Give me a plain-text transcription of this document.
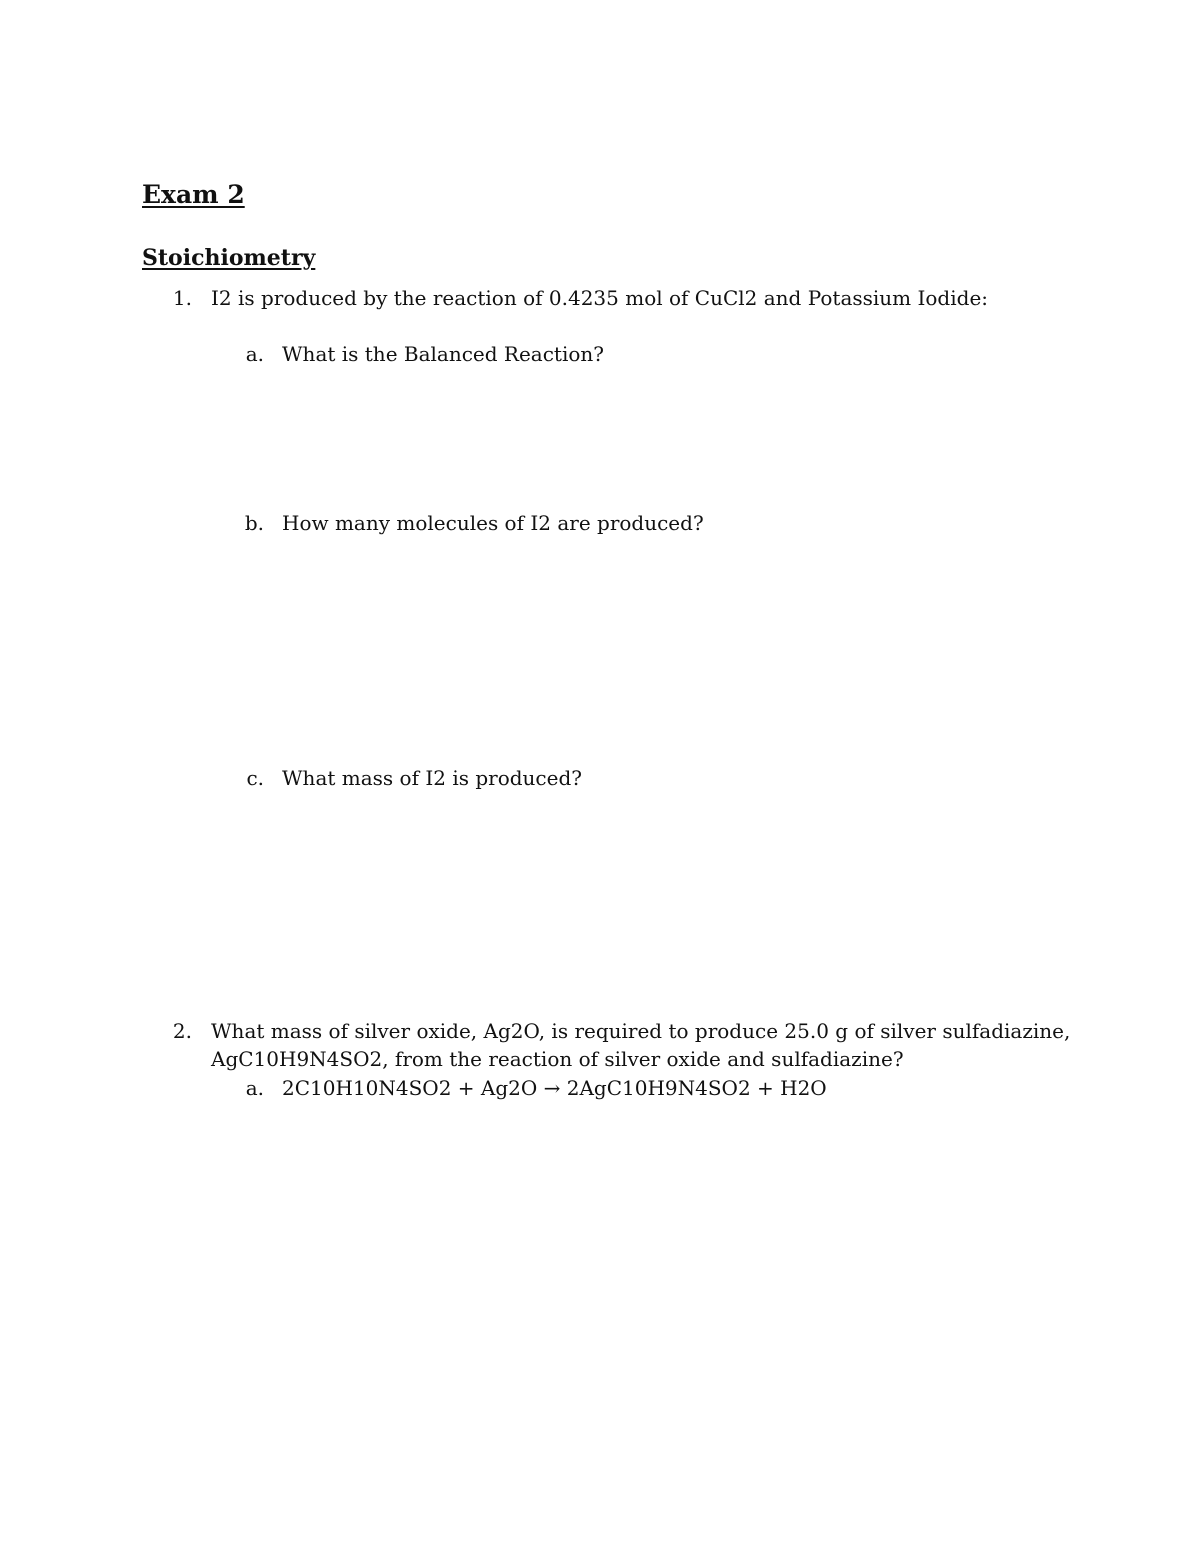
Exam 2
Stoichiometry
1. I2 is produced by the reaction of 0.4235 mol of CuCl2 and Potassium Iodide:
a. What is the Balanced Reaction?
b. How many molecules of I2 are produced?
c. What mass of I2 is produced?
2. What mass of silver oxide, Ag2O, is required to produce 25.0 g of silver sulfadiazine,
AgC10H9N4SO2, from the reaction of silver oxide and sulfadiazine?
a. 2C10H10N4SO2 + Ag2O → 2AgC10H9N4SO2 + H2O
